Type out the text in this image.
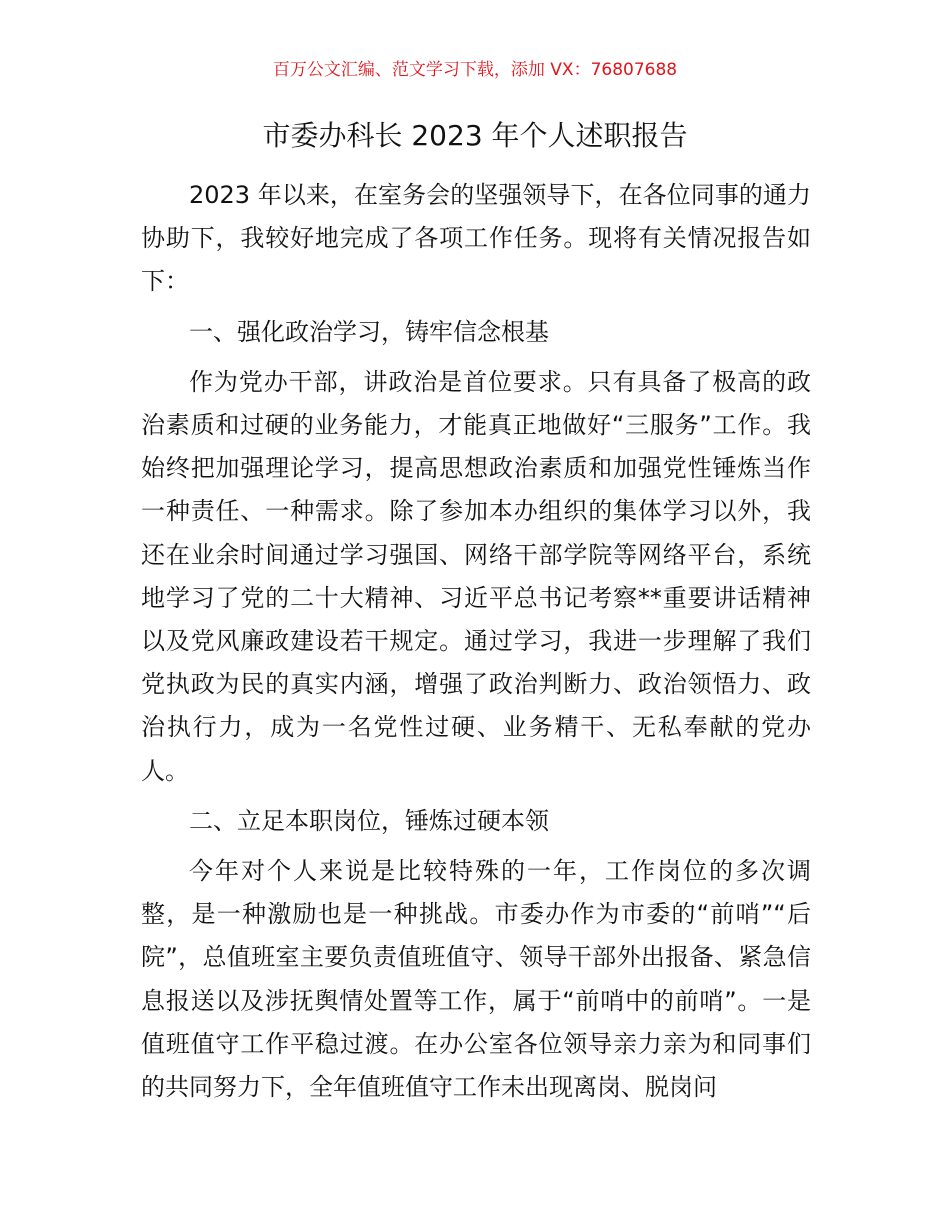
百万公文汇编、范文学习下载，添加 VX：76807688
市委办科长 2023 年个人述职报告

2023 年以来，在室务会的坚强领导下，在各位同事的通力协助下，我较好地完成了各项工作任务。现将有关情况报告如下：

一、强化政治学习，铸牢信念根基

作为党办干部，讲政治是首位要求。只有具备了极高的政治素质和过硬的业务能力，才能真正地做好“三服务”工作。我始终把加强理论学习，提高思想政治素质和加强党性锤炼当作一种责任、一种需求。除了参加本办组织的集体学习以外，我还在业余时间通过学习强国、网络干部学院等网络平台，系统地学习了党的二十大精神、习近平总书记考察**重要讲话精神以及党风廉政建设若干规定。通过学习，我进一步理解了我们党执政为民的真实内涵，增强了政治判断力、政治领悟力、政治执行力，成为一名党性过硬、业务精干、无私奉献的党办人。

二、立足本职岗位，锤炼过硬本领

今年对个人来说是比较特殊的一年，工作岗位的多次调整，是一种激励也是一种挑战。市委办作为市委的“前哨”“后院”，总值班室主要负责值班值守、领导干部外出报备、紧急信息报送以及涉抚舆情处置等工作，属于“前哨中的前哨”。一是值班值守工作平稳过渡。在办公室各位领导亲力亲为和同事们的共同努力下，全年值班值守工作未出现离岗、脱岗问
